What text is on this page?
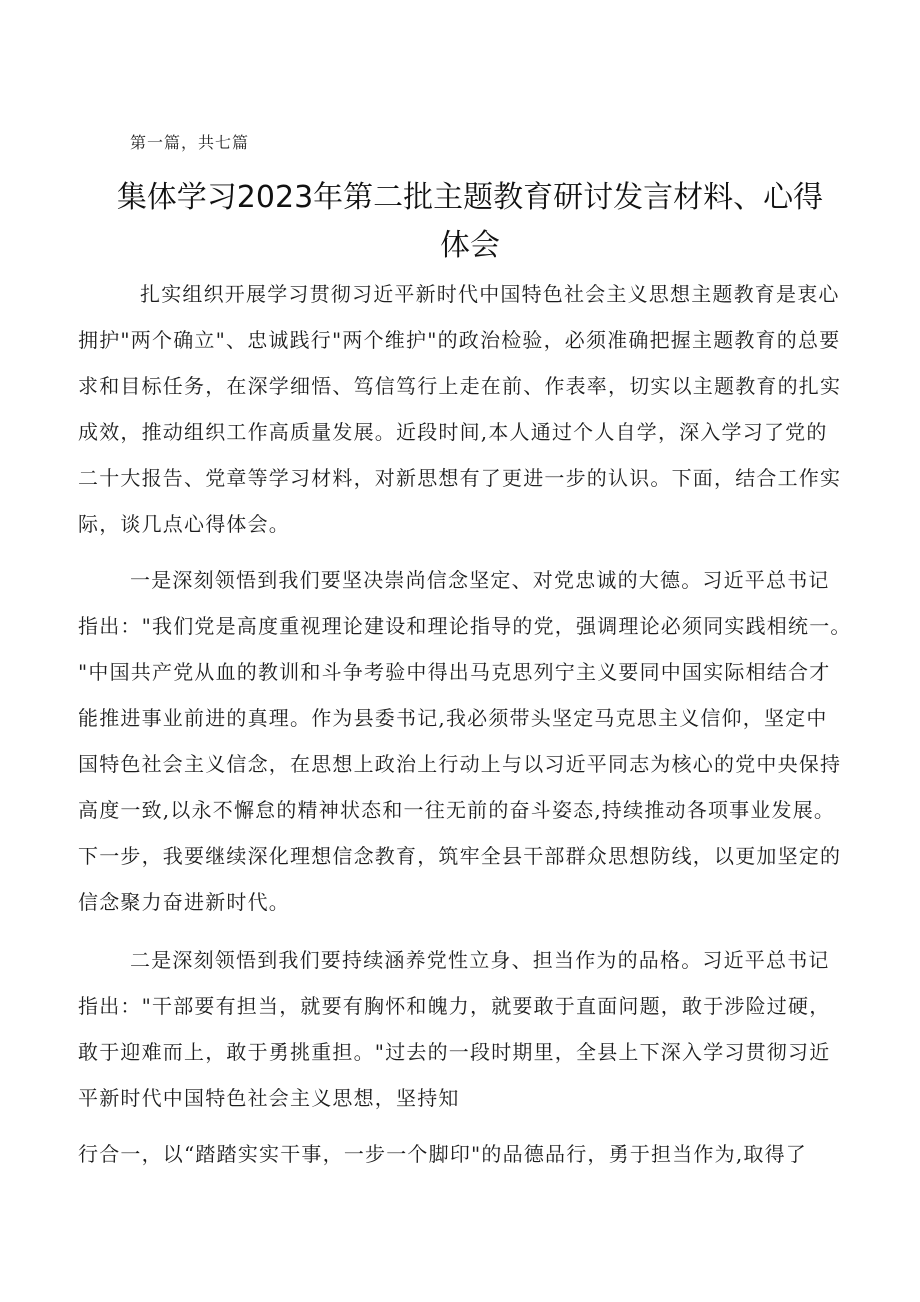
第一篇，共七篇
集体学习2023年第二批主题教育研讨发言材料、心得
体会
扎实组织开展学习贯彻习近平新时代中国特色社会主义思想主题教育是衷心
拥护"两个确立"、忠诚践行"两个维护"的政治检验，必须准确把握主题教育的总要
求和目标任务，在深学细悟、笃信笃行上走在前、作表率，切实以主题教育的扎实
成效，推动组织工作高质量发展。近段时间,本人通过个人自学，深入学习了党的
二十大报告、党章等学习材料，对新思想有了更进一步的认识。下面，结合工作实
际，谈几点心得体会。
一是深刻领悟到我们要坚决崇尚信念坚定、对党忠诚的大德。习近平总书记
指出："我们党是高度重视理论建设和理论指导的党，强调理论必须同实践相统一。
"中国共产党从血的教训和斗争考验中得出马克思列宁主义要同中国实际相结合才
能推进事业前进的真理。作为县委书记,我必须带头坚定马克思主义信仰，坚定中
国特色社会主义信念，在思想上政治上行动上与以习近平同志为核心的党中央保持
高度一致,以永不懈怠的精神状态和一往无前的奋斗姿态,持续推动各项事业发展。
下一步，我要继续深化理想信念教育，筑牢全县干部群众思想防线，以更加坚定的
信念聚力奋进新时代。
二是深刻领悟到我们要持续涵养党性立身、担当作为的品格。习近平总书记
指出："干部要有担当，就要有胸怀和魄力，就要敢于直面问题，敢于涉险过硬，
敢于迎难而上，敢于勇挑重担。"过去的一段时期里，全县上下深入学习贯彻习近
平新时代中国特色社会主义思想，坚持知
行合一，以“踏踏实实干事，一步一个脚印"的品德品行，勇于担当作为,取得了
